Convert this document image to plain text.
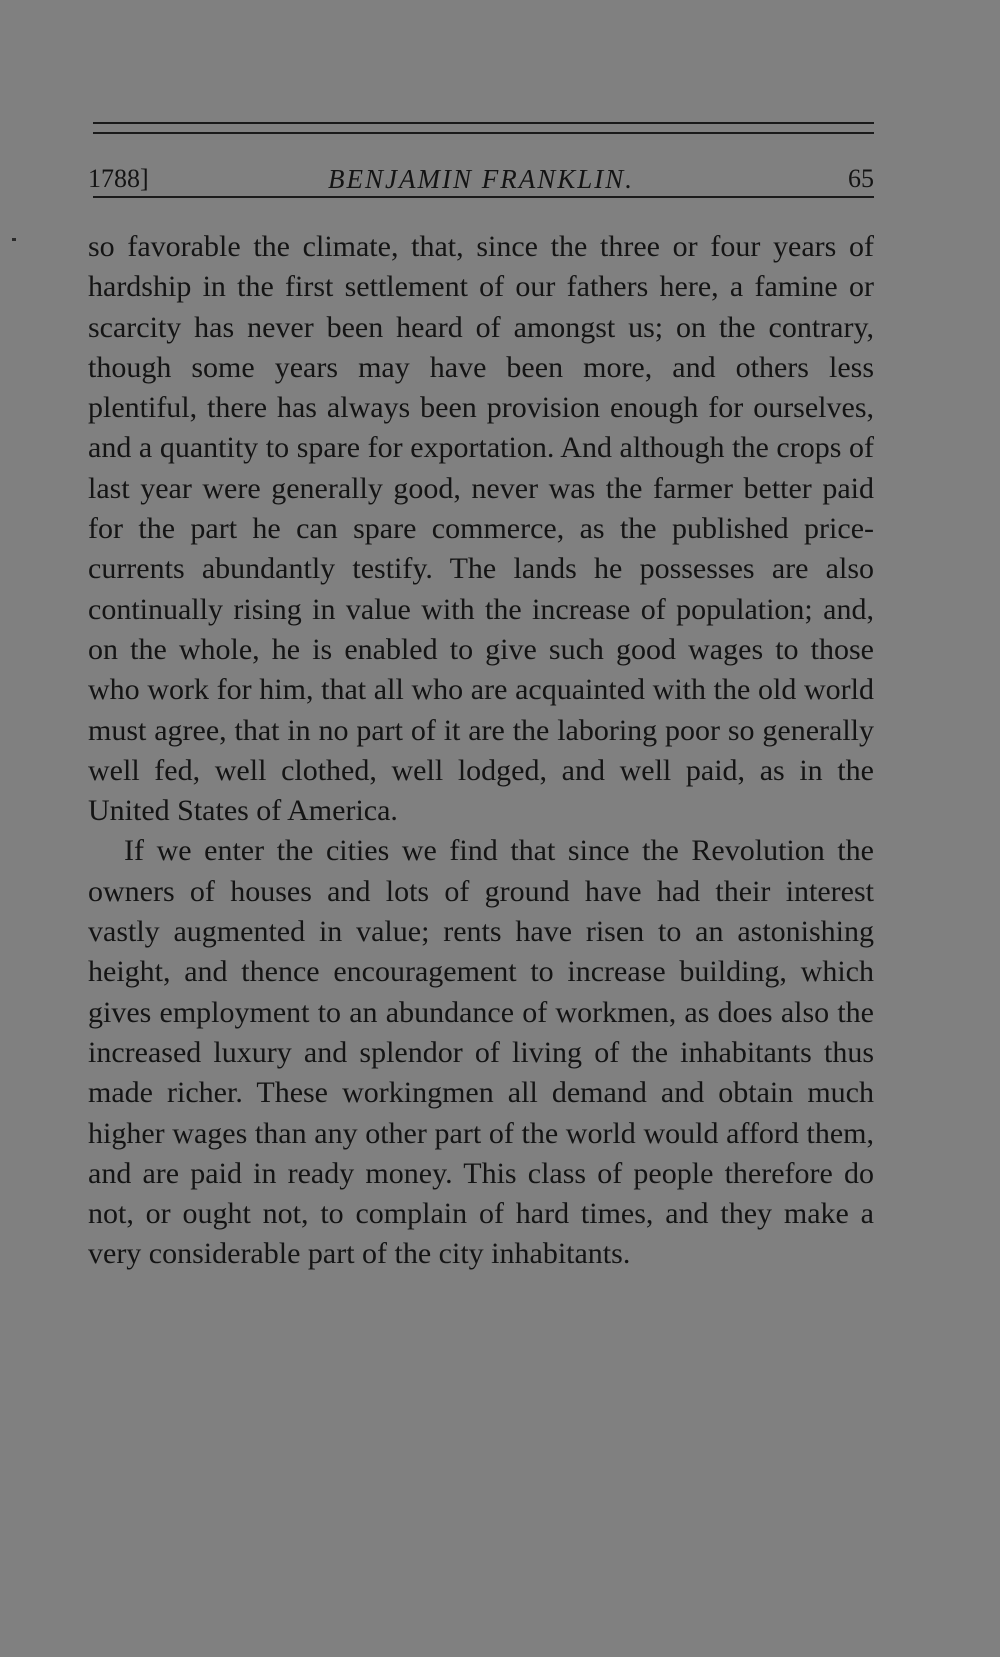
1788]	BENJAMIN FRANKLIN.	65

so favorable the climate, that, since the three or four years of hardship in the first settlement of our fathers here, a famine or scarcity has never been heard of amongst us; on the contrary, though some years may have been more, and others less plentiful, there has always been provision enough for ourselves, and a quantity to spare for exportation. And although the crops of last year were generally good, never was the farmer better paid for the part he can spare commerce, as the published price-currents abundantly testify. The lands he possesses are also continually rising in value with the increase of population; and, on the whole, he is enabled to give such good wages to those who work for him, that all who are acquainted with the old world must agree, that in no part of it are the laboring poor so generally well fed, well clothed, well lodged, and well paid, as in the United States of America.

If we enter the cities we find that since the Revolution the owners of houses and lots of ground have had their interest vastly augmented in value; rents have risen to an astonishing height, and thence encouragement to increase building, which gives employment to an abundance of workmen, as does also the increased luxury and splendor of living of the inhabitants thus made richer. These workingmen all demand and obtain much higher wages than any other part of the world would afford them, and are paid in ready money. This class of people therefore do not, or ought not, to complain of hard times, and they make a very considerable part of the city inhabitants.
